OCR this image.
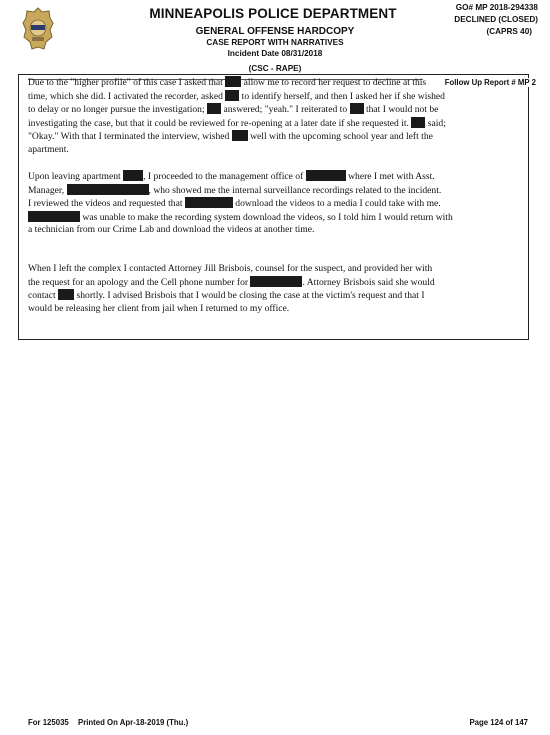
MINNEAPOLIS POLICE DEPARTMENT
GENERAL OFFENSE HARDCOPY
CASE REPORT WITH NARRATIVES
Incident Date 08/31/2018
(CSC - RAPE)
GO# MP 2018-294338
DECLINED (CLOSED)
(CAPRS 40)
Follow Up Report # MP 2
Due to the "higher profile" of this case I asked that  allow me to record her request to decline at this
time, which she did. I activated the recorder, asked  to identify herself, and then I asked her if she wished
to delay or no longer pursue the investigation;  answered; "yeah." I reiterated to  that I would not be
investigating the case, but that it could be reviewed for re-opening at a later date if she requested it.  said;
"Okay." With that I terminated the interview, wished  well with the upcoming school year and left the
apartment.
Upon leaving apartment , I proceeded to the management office of	where I met with Asst.
Manager,	, who showed me the internal surveillance recordings related to the incident.
I reviewed the videos and requested that	download the videos to a media I could take with me.
was unable to make the recording system download the videos, so I told him I would return with
a technician from our Crime Lab and download the videos at another time.
When I left the complex I contacted Attorney Jill Brisbois, counsel for the suspect, and provided her with
the request for an apology and the Cell phone number for	. Attorney Brisbois said she would
contact  shortly. I advised Brisbois that I would be closing the case at the victim's request and that I
would be releasing her client from jail when I returned to my office.
For 125035 Printed On Apr-18-2019 (Thu.)	Page 124 of 147
